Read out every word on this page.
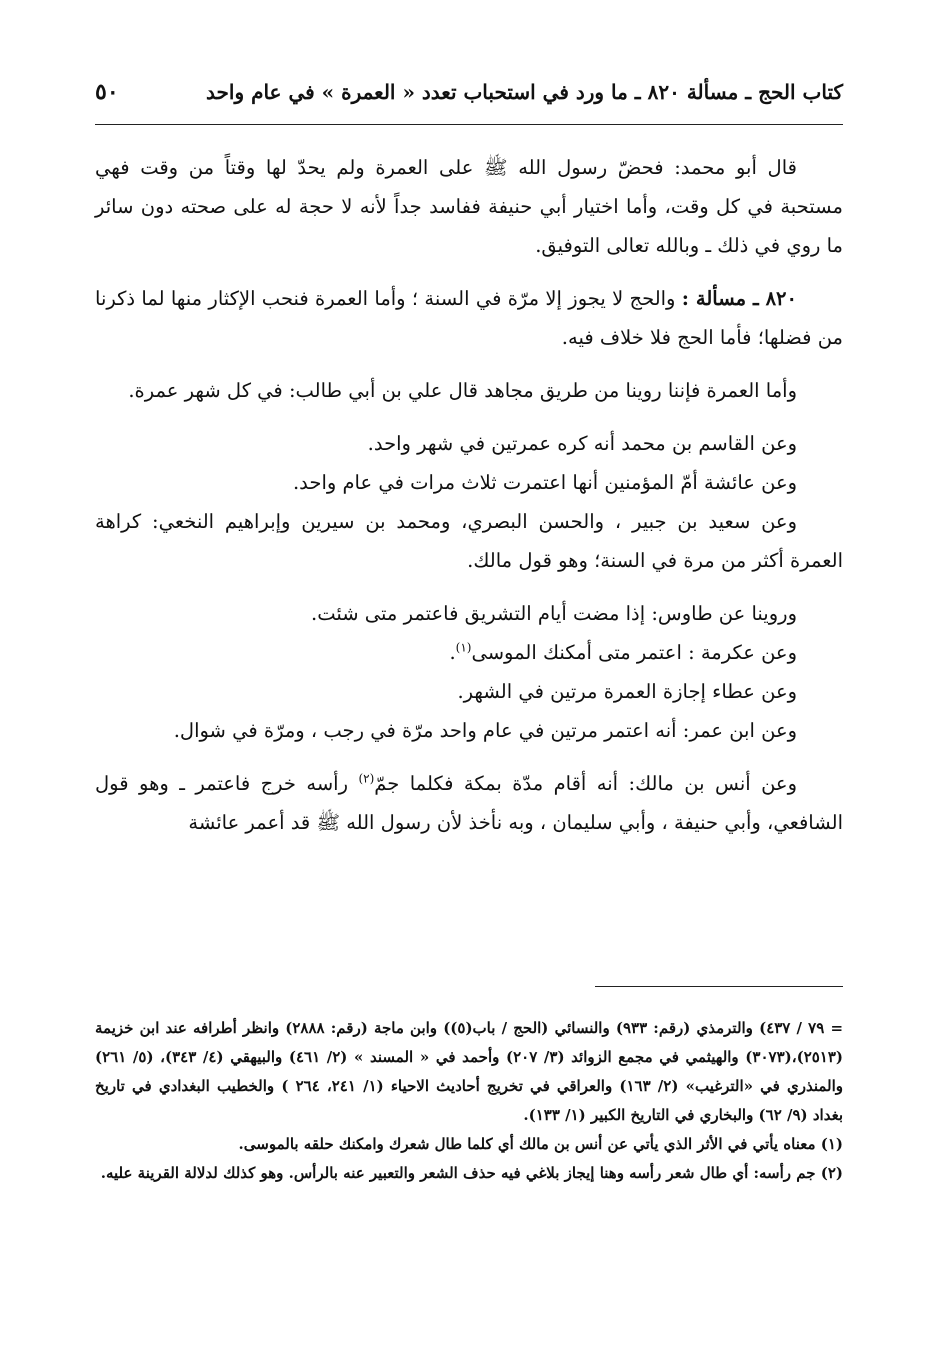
كتاب الحج ـ مسألة ٨٢٠ ـ ما ورد في استحباب تعدد « العمرة » في عام واحد
٥٠

قال أبو محمد: فحضّ رسول الله ﷺ على العمرة ولم يحدّ لها وقتاً من وقت فهي مستحبة في كل وقت، وأما اختيار أبي حنيفة ففاسد جداً لأنه لا حجة له على صحته دون سائر ما روي في ذلك ـ وبالله تعالى التوفيق.

٨٢٠ ـ مسألة : والحج لا يجوز إلا مرّة في السنة ؛ وأما العمرة فنحب الإكثار منها لما ذكرنا من فضلها؛ فأما الحج فلا خلاف فيه.

وأما العمرة فإننا روينا من طريق مجاهد قال علي بن أبي طالب: في كل شهر عمرة.

وعن القاسم بن محمد أنه كره عمرتين في شهر واحد.

وعن عائشة أمّ المؤمنين أنها اعتمرت ثلاث مرات في عام واحد.

وعن سعيد بن جبير ، والحسن البصري، ومحمد بن سيرين وإبراهيم النخعي: كراهة العمرة أكثر من مرة في السنة؛ وهو قول مالك.

وروينا عن طاوس: إذا مضت أيام التشريق فاعتمر متى شئت.

وعن عكرمة : اعتمر متى أمكنك الموسى$^{(١)}$.

وعن عطاء إجازة العمرة مرتين في الشهر.

وعن ابن عمر: أنه اعتمر مرتين في عام واحد مرّة في رجب ، ومرّة في شوال.

وعن أنس بن مالك: أنه أقام مدّة بمكة فكلما جمّ$^{(٢)}$ رأسه خرج فاعتمر ـ وهو قول الشافعي، وأبي حنيفة ، وأبي سليمان ، وبه نأخذ لأن رسول الله ﷺ قد أعمر عائشة

= ٧٩ / ٤٣٧) والترمذي (رقم: ٩٣٣) والنسائي (الحج / باب(٥)) وابن ماجة (رقم: ٢٨٨٨) وانظر أطرافه عند ابن خزيمة (٢٥١٣)،(٣٠٧٣) والهيثمي في مجمع الزوائد (٣/ ٢٠٧) وأحمد في « المسند » (٢/ ٤٦١) والبيهقي (٤/ ٣٤٣)، (٥/ ٢٦١) والمنذري في «الترغيب» (٢/ ١٦٣) والعراقي في تخريج أحاديث الاحياء (١/ ٢٤١، ٢٦٤ ) والخطيب البغدادي في تاريخ بغداد (٩/ ٦٢) والبخاري في التاريخ الكبير (١/ ١٣٣).

(١) معناه يأتي في الأثر الذي يأتي عن أنس بن مالك أي كلما طال شعرك وامكنك حلقه بالموسى.

(٢) جم رأسه: أي طال شعر رأسه وهنا إيجاز بلاغي فيه حذف الشعر والتعبير عنه بالرأس. وهو كذلك لدلالة القرينة عليه.
